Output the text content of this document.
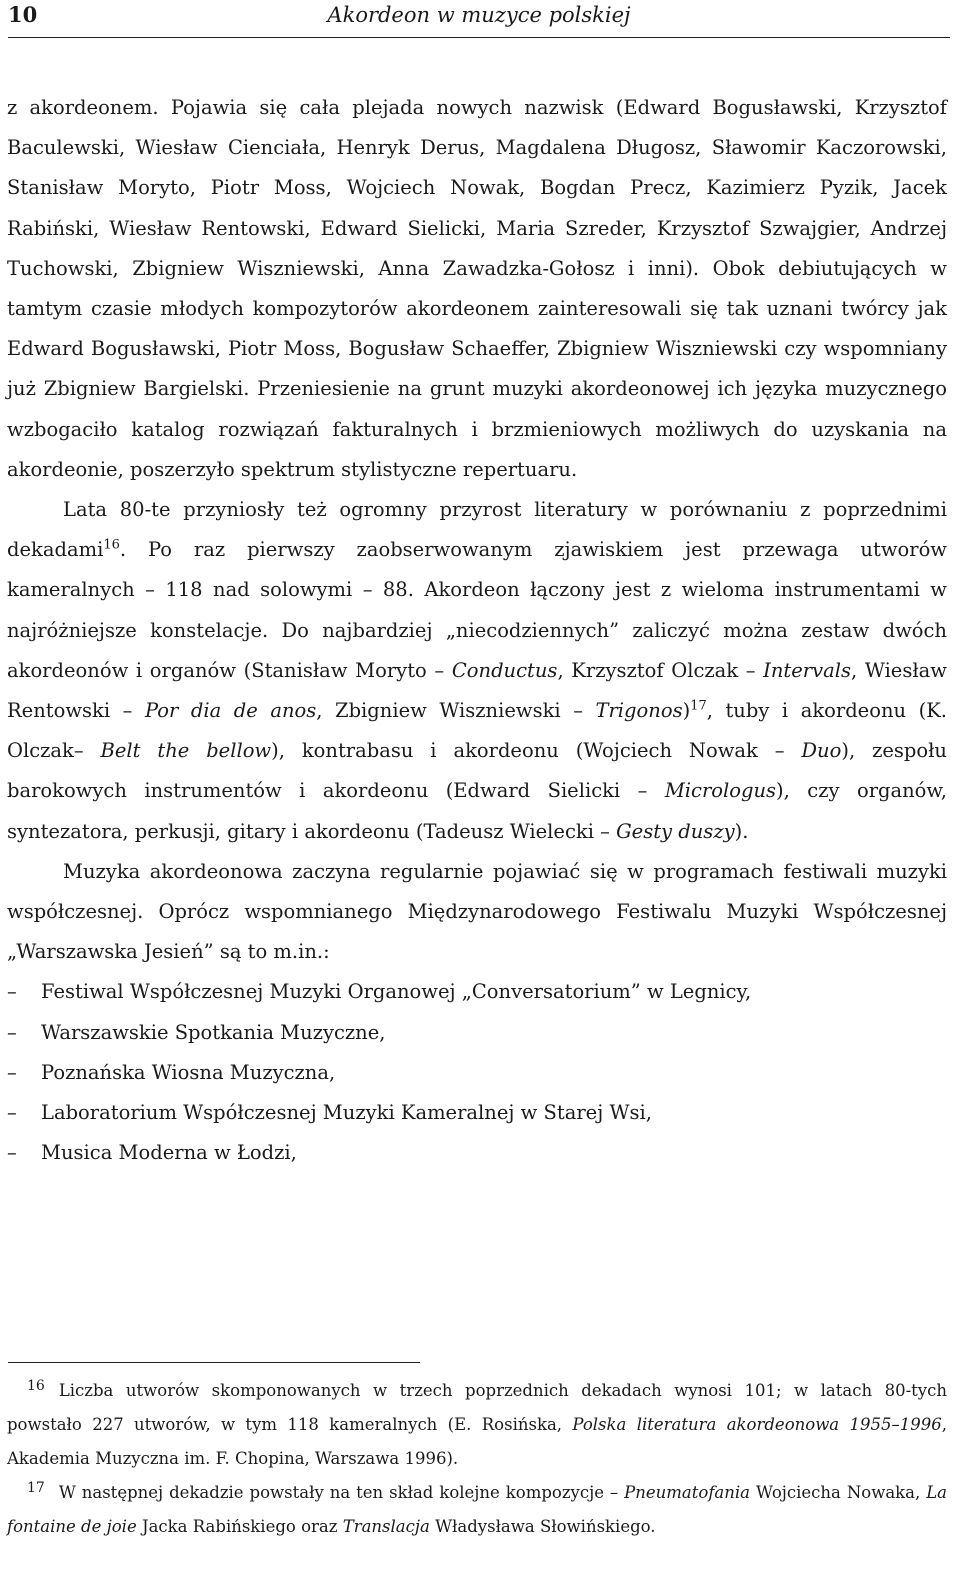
10	Akordeon w muzyce polskiej

z akordeonem. Pojawia się cała plejada nowych nazwisk (Edward Bogusławski, Krzysztof Baculewski, Wiesław Cienciała, Henryk Derus, Magdalena Długosz, Sławomir Kaczorowski, Stanisław Moryto, Piotr Moss, Wojciech Nowak, Bogdan Precz, Kazimierz Pyzik, Jacek Rabiński, Wiesław Rentowski, Edward Sielicki, Maria Szreder, Krzysztof Szwajgier, Andrzej Tuchowski, Zbigniew Wiszniewski, Anna Zawadzka-Gołosz i inni). Obok debiutujących w tamtym czasie młodych kompozytorów akordeonem zainteresowali się tak uznani twórcy jak Edward Bogusławski, Piotr Moss, Bogusław Schaeffer, Zbigniew Wiszniewski czy wspomniany już Zbigniew Bargielski. Przeniesienie na grunt muzyki akordeonowej ich języka muzycznego wzbogaciło katalog rozwiązań fakturalnych i brzmieniowych możliwych do uzyskania na akordeonie, poszerzyło spektrum stylistyczne repertuaru.

Lata 80-te przyniosły też ogromny przyrost literatury w porównaniu z poprzednimi dekadami$^{16}$. Po raz pierwszy zaobserwowanym zjawiskiem jest przewaga utworów kameralnych – 118 nad solowymi – 88. Akordeon łączony jest z wieloma instrumentami w najróżniejsze konstelacje. Do najbardziej „niecodziennych” zaliczyć można zestaw dwóch akordeonów i organów (Stanisław Moryto – Conductus, Krzysztof Olczak – Intervals, Wiesław Rentowski – Por dia de anos, Zbigniew Wiszniewski – Trigonos)$^{17}$, tuby i akordeonu (K. Olczak– Belt the bellow), kontrabasu i akordeonu (Wojciech Nowak – Duo), zespołu barokowych instrumentów i akordeonu (Edward Sielicki – Micrologus), czy organów, syntezatora, perkusji, gitary i akordeonu (Tadeusz Wielecki – Gesty duszy).

Muzyka akordeonowa zaczyna regularnie pojawiać się w programach festiwali muzyki współczesnej. Oprócz wspomnianego Międzynarodowego Festiwalu Muzyki Współczesnej „Warszawska Jesień” są to m.in.:

– Festiwal Współczesnej Muzyki Organowej „Conversatorium” w Legnicy,
– Warszawskie Spotkania Muzyczne,
– Poznańska Wiosna Muzyczna,
– Laboratorium Współczesnej Muzyki Kameralnej w Starej Wsi,
– Musica Moderna w Łodzi,

$^{16}$ Liczba utworów skomponowanych w trzech poprzednich dekadach wynosi 101; w latach 80-tych powstało 227 utworów, w tym 118 kameralnych (E. Rosińska, Polska literatura akordeonowa 1955–1996, Akademia Muzyczna im. F. Chopina, Warszawa 1996).

$^{17}$ W następnej dekadzie powstały na ten skład kolejne kompozycje – Pneumatofania Wojciecha Nowaka, La fontaine de joie Jacka Rabińskiego oraz Translacja Władysława Słowińskiego.
